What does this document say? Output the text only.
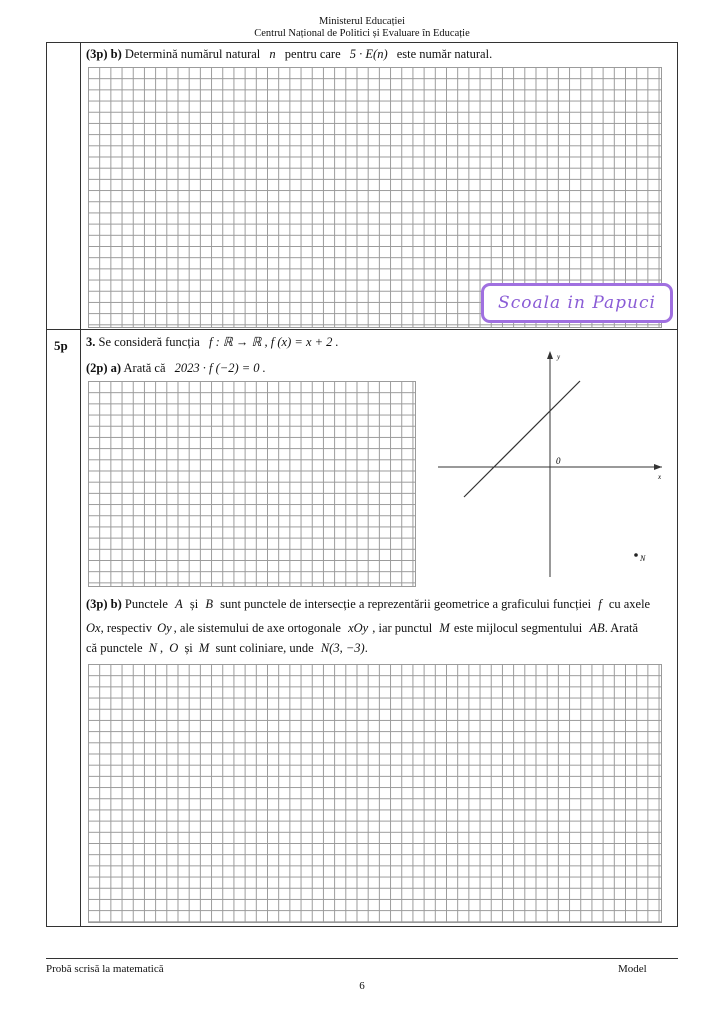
Ministerul Educației
Centrul Național de Politici și Evaluare în Educație
(3p) b) Determină numărul natural n pentru care 5 · E(n) este număr natural.
Scoala in Papuci
5p 3. Se consideră funcția f : ℝ → ℝ , f (x) = x + 2 .
(2p) a) Arată că 2023 · f (−2) = 0 .
y
x
0
N
(3p) b) Punctele A și B sunt punctele de intersecție a reprezentării geometrice a graficului funcției f cu axele
Ox, respectiv Oy , ale sistemului de axe ortogonale xOy , iar punctul M este mijlocul segmentului AB. Arată
că punctele N , O și M sunt coliniare, unde N(3, −3).
Probă scrisă la matematică	Model
6
